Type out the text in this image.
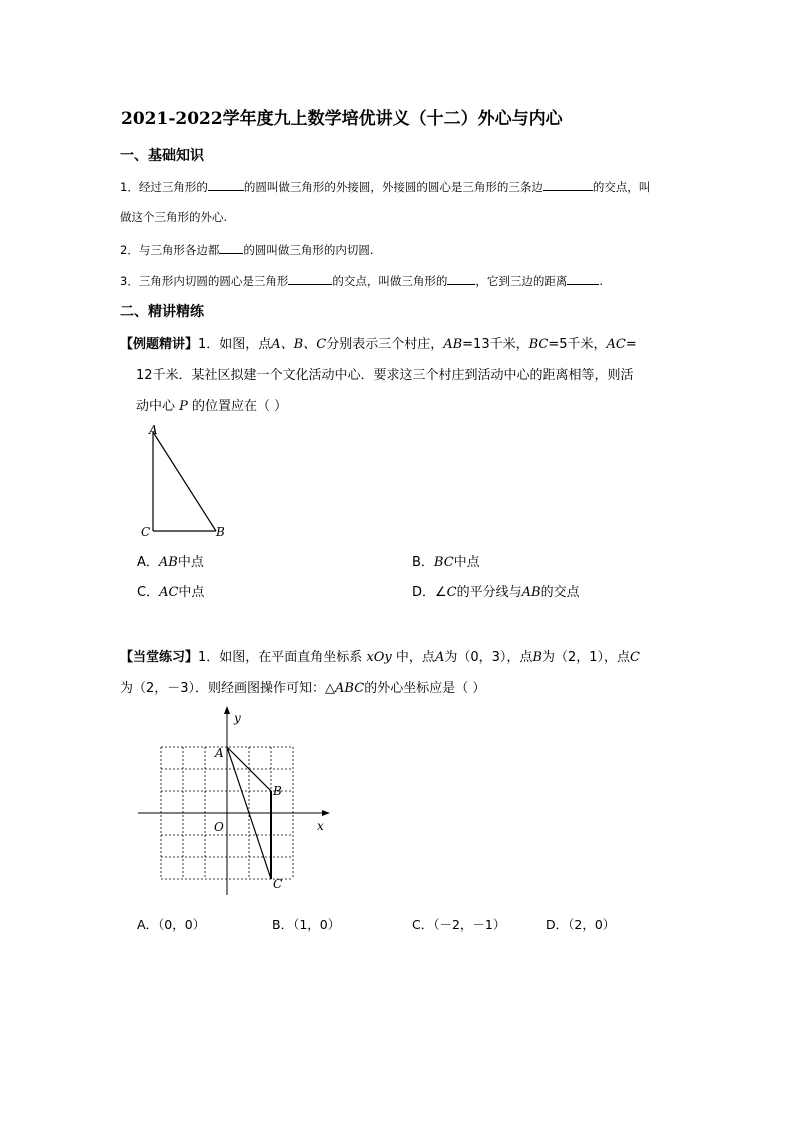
2021-2022学年度九上数学培优讲义（十二）外心与内心
一、基础知识
1．经过三角形的	的圆叫做三角形的外接圆，外接圆的圆心是三角形的三条边	的交点，叫
做这个三角形的外心.
2．与三角形各边都 的圆叫做三角形的内切圆.
3．三角形内切圆的圆心是三角形	的交点，叫做三角形的 ，它到三边的距离	.
二、精讲精练
【例题精讲】1．如图，点A、B、C分别表示三个村庄，AB=13千米，BC=5千米，AC=
12千米．某社区拟建一个文化活动中心．要求这三个村庄到活动中心的距离相等，则活
动中心 P 的位置应在（ ）
A
C	B
A．AB中点	B．BC中点
C．AC中点	D．∠C的平分线与AB的交点
【当堂练习】1．如图，在平面直角坐标系 xOy 中，点A为（0，3），点B为（2，1），点C
为（2，－3）．则经画图操作可知：△ABC的外心坐标应是（ ）
y
x
O
A
B
C
A．（0，0）	B．（1，0）	C．（－2，－1）	D．（2，0）
